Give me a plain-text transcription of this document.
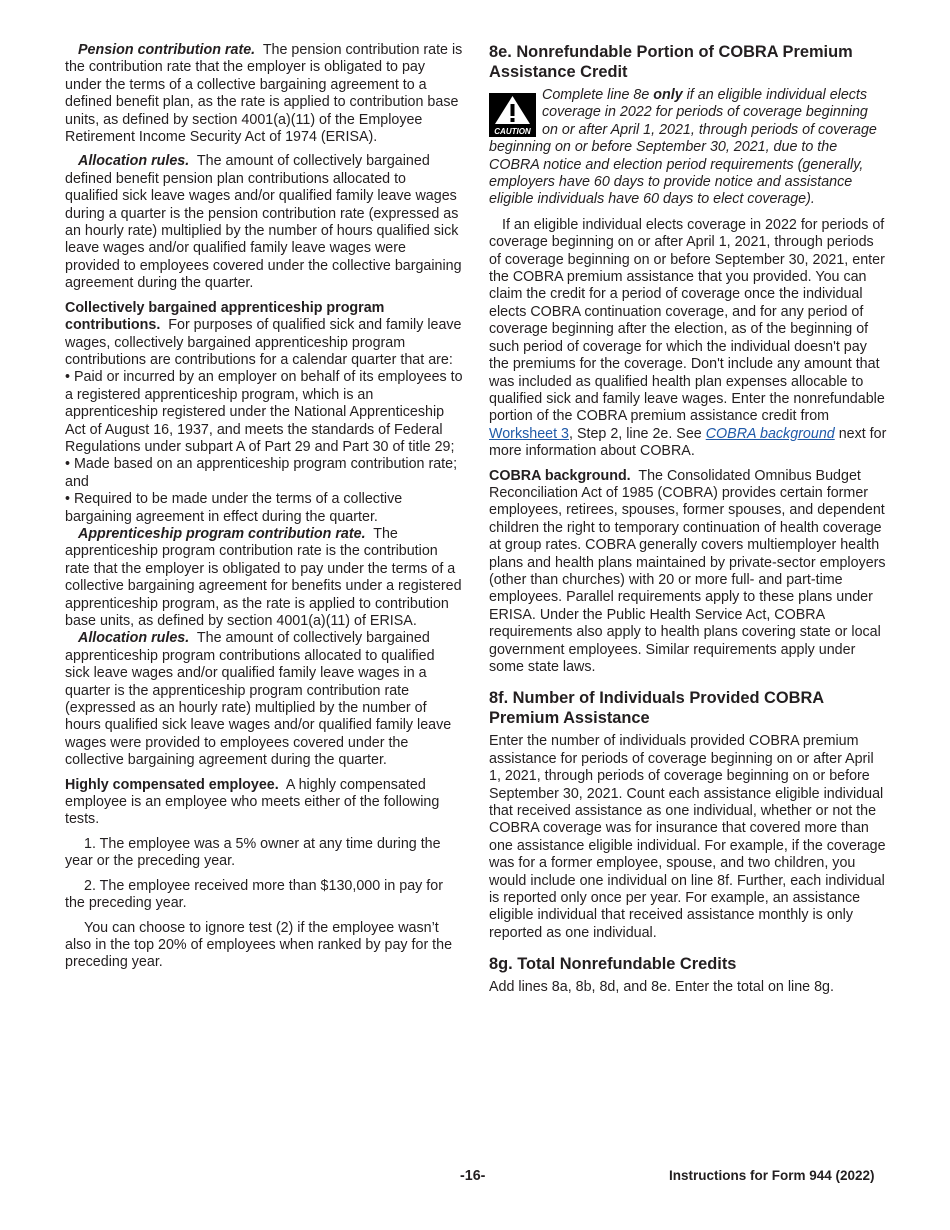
Pension contribution rate. The pension contribution rate is the contribution rate that the employer is obligated to pay under the terms of a collective bargaining agreement to a defined benefit plan, as the rate is applied to contribution base units, as defined by section 4001(a)(11) of the Employee Retirement Income Security Act of 1974 (ERISA).

Allocation rules. The amount of collectively bargained defined benefit pension plan contributions allocated to qualified sick leave wages and/or qualified family leave wages during a quarter is the pension contribution rate (expressed as an hourly rate) multiplied by the number of hours qualified sick leave wages and/or qualified family leave wages were provided to employees covered under the collective bargaining agreement during the quarter.

Collectively bargained apprenticeship program contributions. For purposes of qualified sick and family leave wages, collectively bargained apprenticeship program contributions are contributions for a calendar quarter that are:

• Paid or incurred by an employer on behalf of its employees to a registered apprenticeship program, which is an apprenticeship registered under the National Apprenticeship Act of August 16, 1937, and meets the standards of Federal Regulations under subpart A of Part 29 and Part 30 of title 29;

• Made based on an apprenticeship program contribution rate; and

• Required to be made under the terms of a collective bargaining agreement in effect during the quarter.

Apprenticeship program contribution rate. The apprenticeship program contribution rate is the contribution rate that the employer is obligated to pay under the terms of a collective bargaining agreement for benefits under a registered apprenticeship program, as the rate is applied to contribution base units, as defined by section 4001(a)(11) of ERISA.

Allocation rules. The amount of collectively bargained apprenticeship program contributions allocated to qualified sick leave wages and/or qualified family leave wages in a quarter is the apprenticeship program contribution rate (expressed as an hourly rate) multiplied by the number of hours qualified sick leave wages and/or qualified family leave wages were provided to employees covered under the collective bargaining agreement during the quarter.

Highly compensated employee. A highly compensated employee is an employee who meets either of the following tests.

1. The employee was a 5% owner at any time during the year or the preceding year.

2. The employee received more than $130,000 in pay for the preceding year.

You can choose to ignore test (2) if the employee wasn’t also in the top 20% of employees when ranked by pay for the preceding year.

8e. Nonrefundable Portion of COBRA Premium Assistance Credit
CAUTION
Complete line 8e only if an eligible individual elects coverage in 2022 for periods of coverage beginning on or after April 1, 2021, through periods of coverage beginning on or before September 30, 2021, due to the COBRA notice and election period requirements (generally, employers have 60 days to provide notice and assistance eligible individuals have 60 days to elect coverage).

If an eligible individual elects coverage in 2022 for periods of coverage beginning on or after April 1, 2021, through periods of coverage beginning on or before September 30, 2021, enter the COBRA premium assistance that you provided. You can claim the credit for a period of coverage once the individual elects COBRA continuation coverage, and for any period of coverage beginning after the election, as of the beginning of such period of coverage for which the individual doesn't pay the premiums for the coverage. Don't include any amount that was included as qualified health plan expenses allocable to qualified sick and family leave wages. Enter the nonrefundable portion of the COBRA premium assistance credit from Worksheet 3, Step 2, line 2e. See COBRA background next for more information about COBRA.

COBRA background. The Consolidated Omnibus Budget Reconciliation Act of 1985 (COBRA) provides certain former employees, retirees, spouses, former spouses, and dependent children the right to temporary continuation of health coverage at group rates. COBRA generally covers multiemployer health plans and health plans maintained by private-sector employers (other than churches) with 20 or more full- and part-time employees. Parallel requirements apply to these plans under ERISA. Under the Public Health Service Act, COBRA requirements also apply to health plans covering state or local government employees. Similar requirements apply under some state laws.

8f. Number of Individuals Provided COBRA Premium Assistance

Enter the number of individuals provided COBRA premium assistance for periods of coverage beginning on or after April 1, 2021, through periods of coverage beginning on or before September 30, 2021. Count each assistance eligible individual that received assistance as one individual, whether or not the COBRA coverage was for insurance that covered more than one assistance eligible individual. For example, if the coverage was for a former employee, spouse, and two children, you would include one individual on line 8f. Further, each individual is reported only once per year. For example, an assistance eligible individual that received assistance monthly is only reported as one individual.

8g. Total Nonrefundable Credits

Add lines 8a, 8b, 8d, and 8e. Enter the total on line 8g.

-16-	Instructions for Form 944 (2022)
